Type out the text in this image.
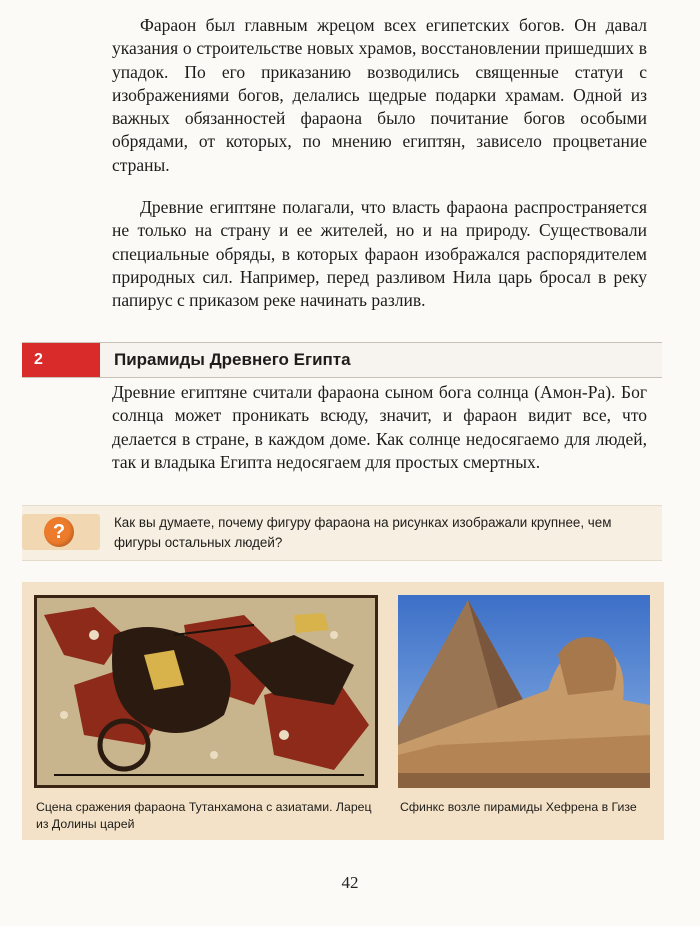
Фараон был главным жрецом всех египетских богов. Он давал указания о строительстве новых храмов, восстановлении пришедших в упадок. По его приказанию возводились священные статуи с изображениями богов, делались щедрые подарки храмам. Одной из важных обязанностей фараона было почитание богов особыми обрядами, от которых, по мнению египтян, зависело процветание страны.

Древние египтяне полагали, что власть фараона распространяется не только на страну и ее жителей, но и на природу. Существовали специальные обряды, в которых фараон изображался распорядителем природных сил. Например, перед разливом Нила царь бросал в реку папирус с приказом реке начинать разлив.

2	Пирамиды Древнего Египта

Древние египтяне считали фараона сыном бога солнца (Амон-Ра). Бог солнца может проникать всюду, значит, и фараон видит все, что делается в стране, в каждом доме. Как солнце недосягаемо для людей, так и владыка Египта недосягаем для простых смертных.

?	Как вы думаете, почему фигуру фараона на рисунках изображали крупнее, чем фигуры остальных людей?
Сцена сражения фараона Тутанхамона с азиатами. Ларец из Долины царей
Сфинкс возле пирамиды Хефрена в Гизе
42
